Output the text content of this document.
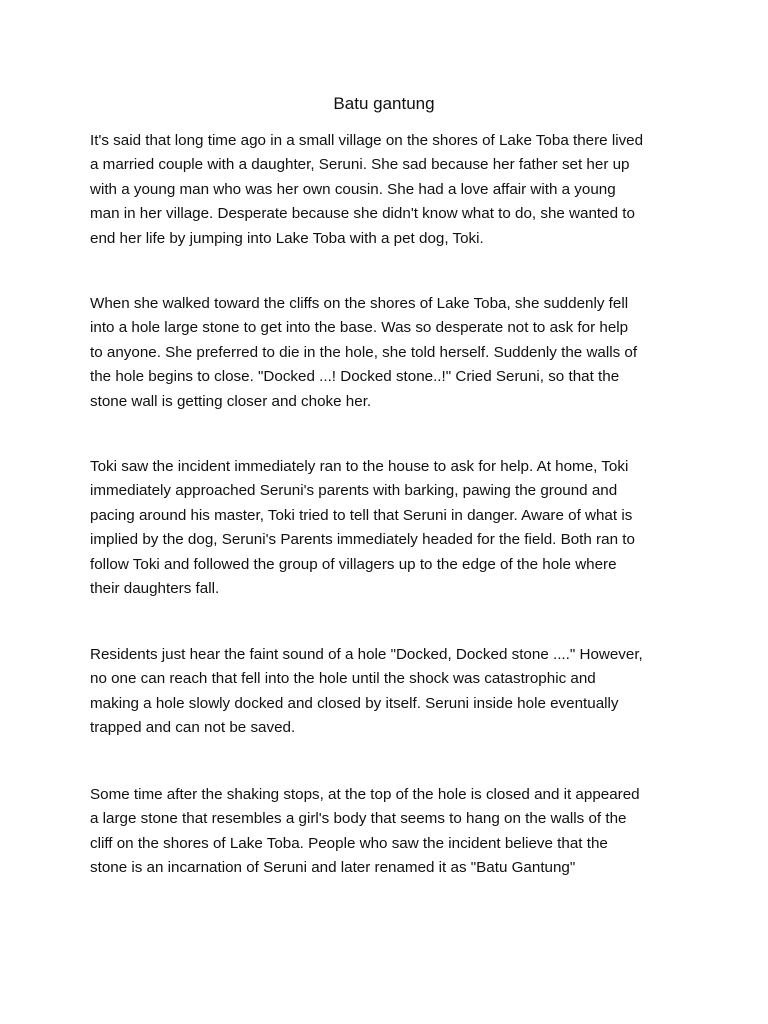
Batu gantung

It's said that long time ago in a small village on the shores of Lake Toba there lived
a married couple with a daughter, Seruni. She sad because her father set her up
with a young man who was her own cousin. She had a love affair with a young
man in her village. Desperate because she didn't know what to do, she wanted to
end her life by jumping into Lake Toba with a pet dog, Toki.

When she walked toward the cliffs on the shores of Lake Toba, she suddenly fell
into a hole large stone to get into the base. Was so desperate not to ask for help
to anyone. She preferred to die in the hole, she told herself. Suddenly the walls of
the hole begins to close. "Docked ...! Docked stone..!" Cried Seruni, so that the
stone wall is getting closer and choke her.

Toki saw the incident immediately ran to the house to ask for help. At home, Toki
immediately approached Seruni's parents with barking, pawing the ground and
pacing around his master, Toki tried to tell that Seruni in danger. Aware of what is
implied by the dog, Seruni's Parents immediately headed for the field. Both ran to
follow Toki and followed the group of villagers up to the edge of the hole where
their daughters fall.

Residents just hear the faint sound of a hole "Docked, Docked stone ...." However,
no one can reach that fell into the hole until the shock was catastrophic and
making a hole slowly docked and closed by itself. Seruni inside hole eventually
trapped and can not be saved.

Some time after the shaking stops, at the top of the hole is closed and it appeared
a large stone that resembles a girl's body that seems to hang on the walls of the
cliff on the shores of Lake Toba. People who saw the incident believe that the
stone is an incarnation of Seruni and later renamed it as "Batu Gantung"
